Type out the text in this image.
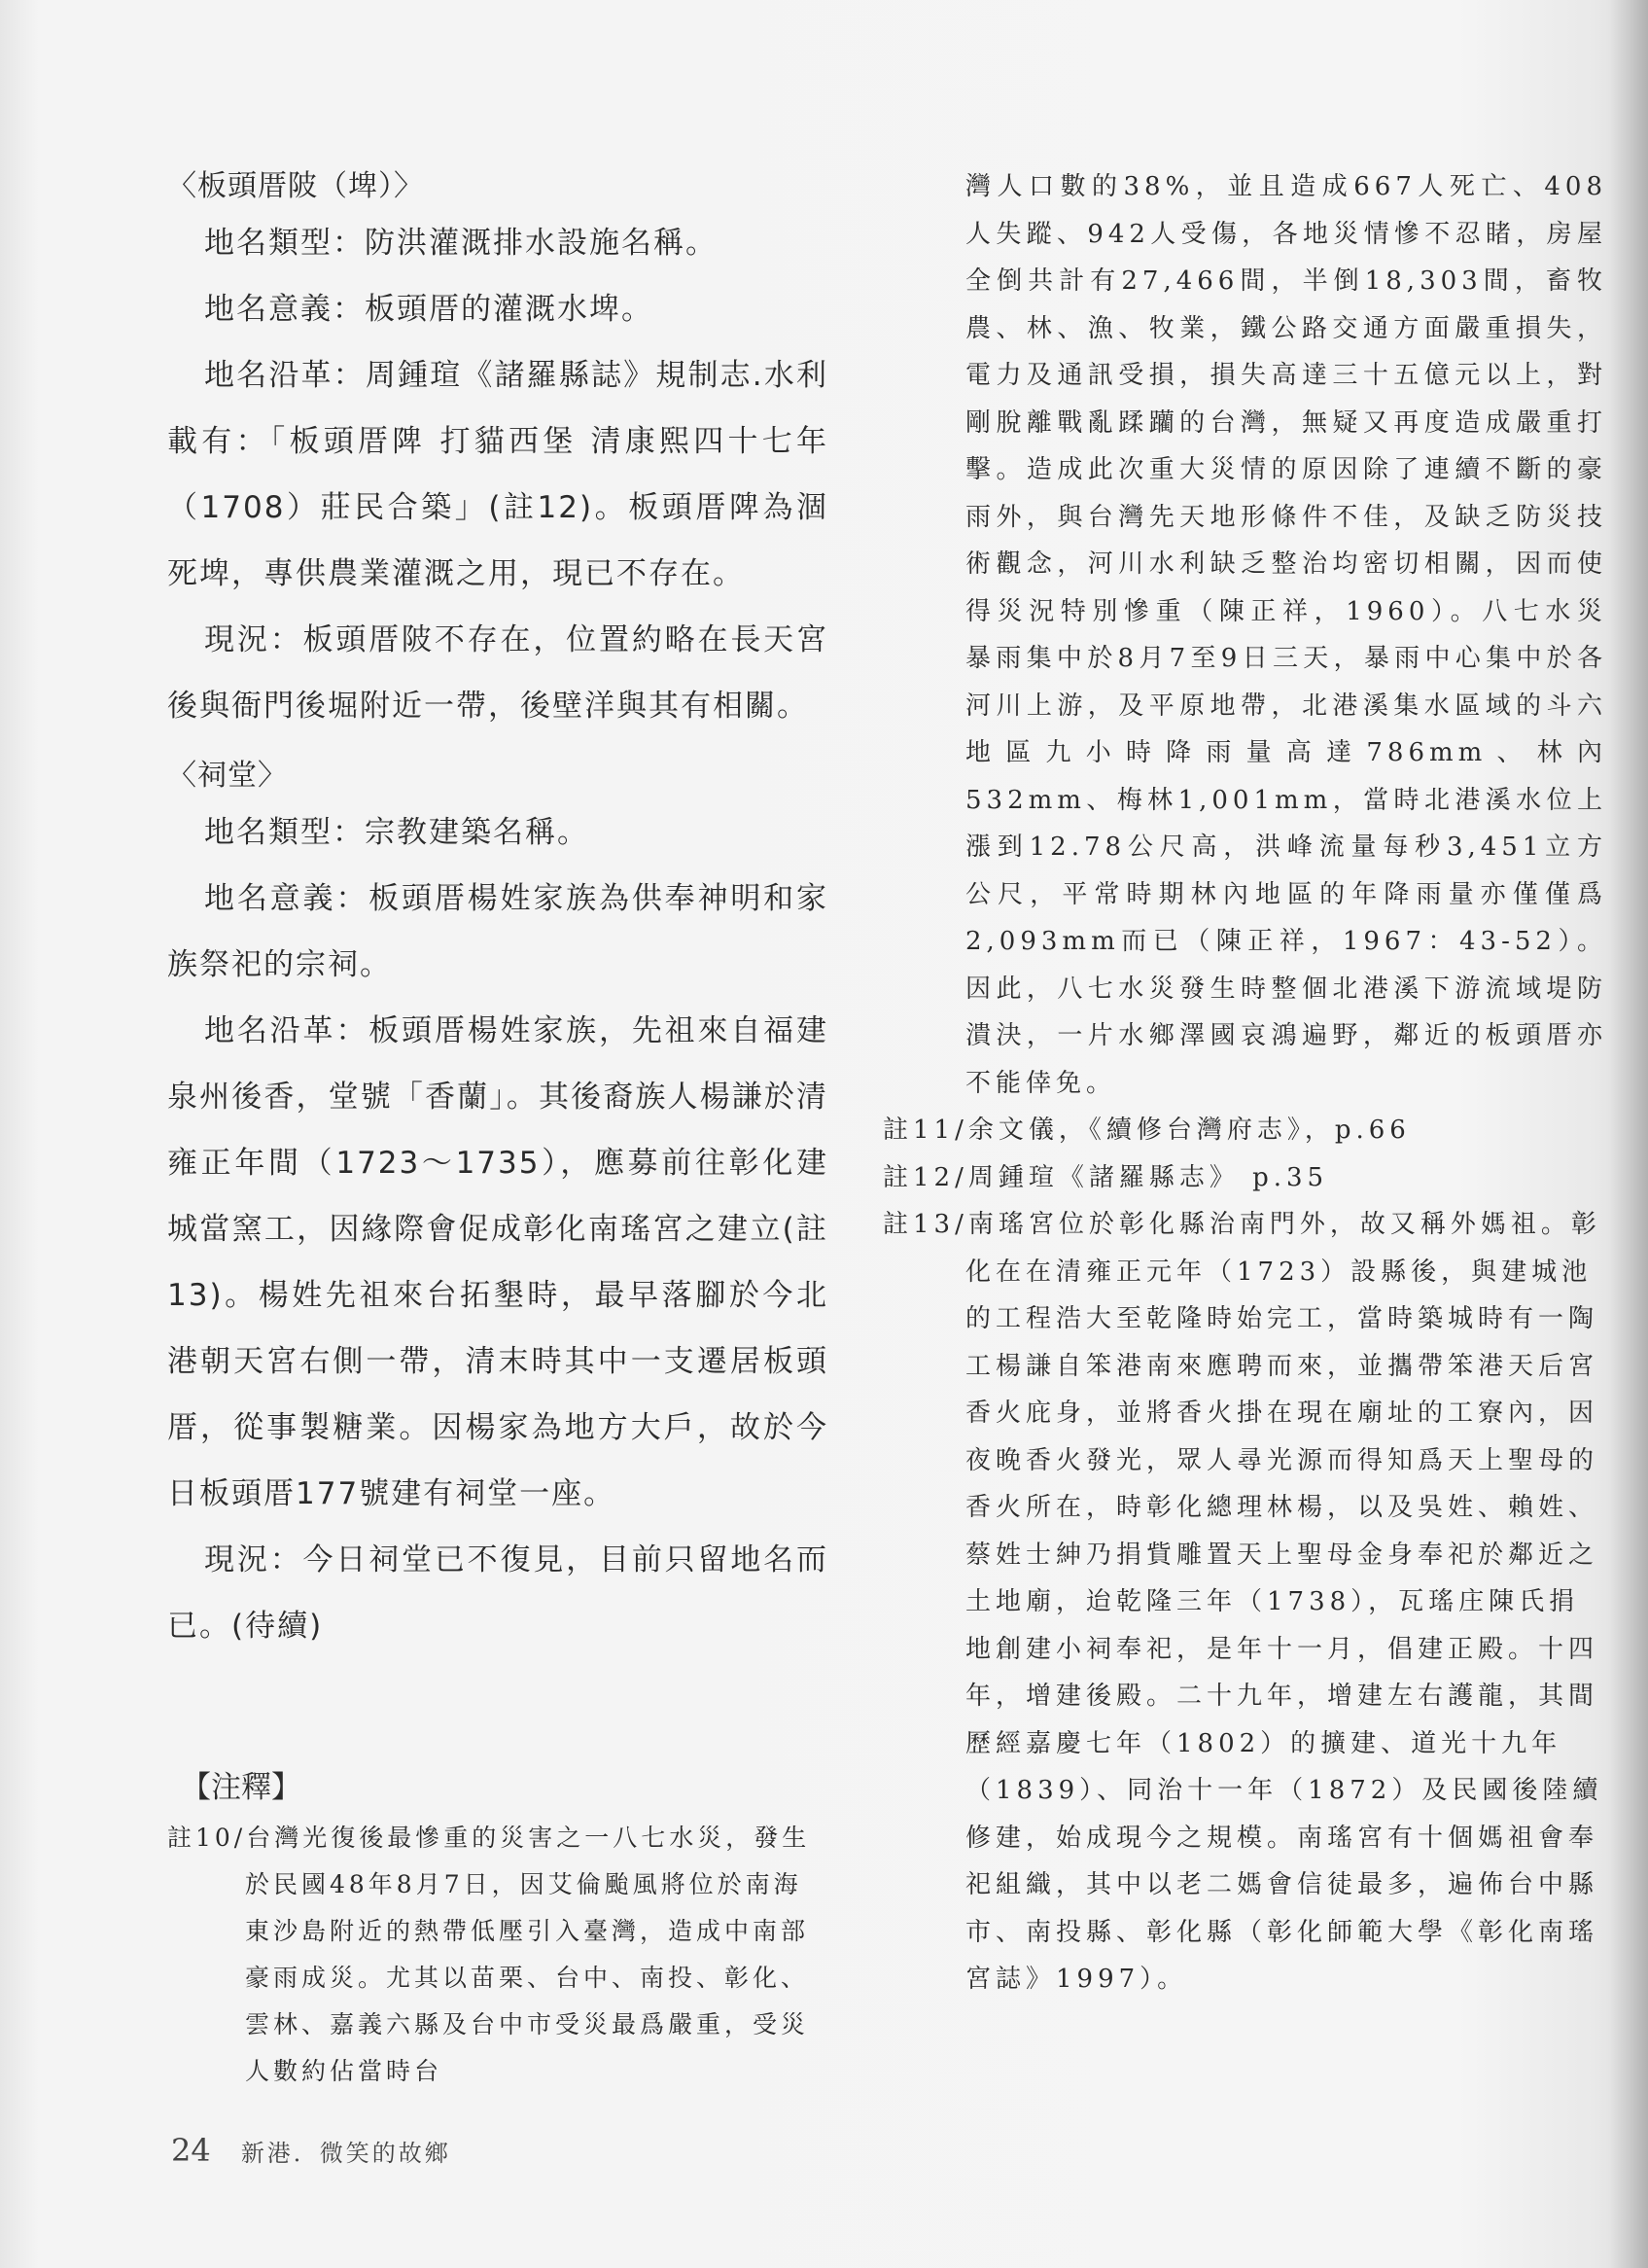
〈板頭厝陂（埤）〉

地名類型：防洪灌溉排水設施名稱。

地名意義：板頭厝的灌溉水埤。

地名沿革：周鍾瑄《諸羅縣誌》規制志.水利載有：「板頭厝陴 打貓西堡 清康熙四十七年（1708）莊民合築」(註12)。板頭厝陴為涸死埤，專供農業灌溉之用，現已不存在。

現況：板頭厝陂不存在，位置約略在長天宮後與衙門後堀附近一帶，後壁洋與其有相關。

〈祠堂〉

地名類型：宗教建築名稱。

地名意義：板頭厝楊姓家族為供奉神明和家族祭祀的宗祠。

地名沿革：板頭厝楊姓家族，先祖來自福建泉州後香，堂號「香蘭」。其後裔族人楊謙於清雍正年間（1723～1735），應募前往彰化建城當窯工，因緣際會促成彰化南瑤宮之建立(註13)。楊姓先祖來台拓墾時，最早落腳於今北港朝天宮右側一帶，清末時其中一支遷居板頭厝，從事製糖業。因楊家為地方大戶，故於今日板頭厝177號建有祠堂一座。

現況：今日祠堂已不復見，目前只留地名而已。(待續)

【注釋】

註10/台灣光復後最慘重的災害之一八七水災，發生於民國48年8月7日，因艾倫颱風將位於南海東沙島附近的熱帶低壓引入臺灣，造成中南部豪雨成災。尤其以苗栗、台中、南投、彰化、雲林、嘉義六縣及台中市受災最爲嚴重，受災人數約佔當時台

灣人口數的38%，並且造成667人死亡、408人失蹤、942人受傷，各地災情慘不忍睹，房屋全倒共計有27,466間，半倒18,303間，畜牧農、林、漁、牧業，鐵公路交通方面嚴重損失，電力及通訊受損，損失高達三十五億元以上，對剛脫離戰亂蹂躪的台灣，無疑又再度造成嚴重打擊。造成此次重大災情的原因除了連續不斷的豪雨外，與台灣先天地形條件不佳，及缺乏防災技術觀念，河川水利缺乏整治均密切相關，因而使得災況特別慘重（陳正祥，1960）。八七水災暴雨集中於8月7至9日三天，暴雨中心集中於各河川上游，及平原地帶，北港溪集水區域的斗六地區九小時降雨量高達786mm、林內532mm、梅林1,001mm，當時北港溪水位上漲到12.78公尺高，洪峰流量每秒3,451立方公尺，平常時期林內地區的年降雨量亦僅僅爲2,093mm而已（陳正祥，1967：43-52）。因此，八七水災發生時整個北港溪下游流域堤防潰決，一片水鄉澤國哀鴻遍野，鄰近的板頭厝亦不能倖免。

註11/余文儀，《續修台灣府志》，p.66

註12/周鍾瑄《諸羅縣志》 p.35

註13/南瑤宮位於彰化縣治南門外，故又稱外媽祖。彰化在在清雍正元年（1723）設縣後，與建城池的工程浩大至乾隆時始完工，當時築城時有一陶工楊謙自笨港南來應聘而來，並攜帶笨港天后宮香火庇身，並將香火掛在現在廟址的工寮內，因夜晚香火發光，眾人尋光源而得知爲天上聖母的香火所在，時彰化總理林楊，以及吳姓、賴姓、蔡姓士紳乃捐貲雕置天上聖母金身奉祀於鄰近之土地廟，迨乾隆三年（1738），瓦瑤庄陳氏捐地創建小祠奉祀，是年十一月，倡建正殿。十四年，增建後殿。二十九年，增建左右護龍，其間歷經嘉慶七年（1802）的擴建、道光十九年（1839）、同治十一年（1872）及民國後陸續修建，始成現今之規模。南瑤宮有十個媽祖會奉祀組織，其中以老二媽會信徒最多，遍佈台中縣市、南投縣、彰化縣（彰化師範大學《彰化南瑤宮誌》1997）。

24 新港．微笑的故鄉
